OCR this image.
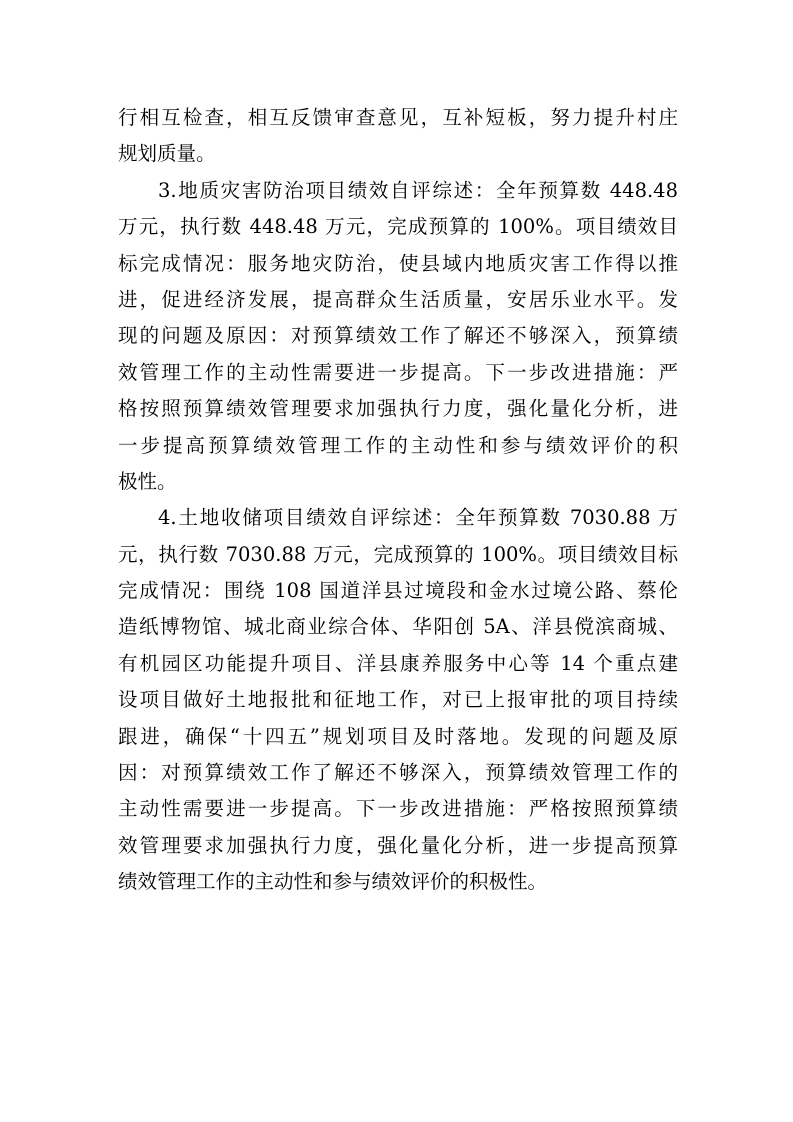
行相互检查，相互反馈审查意见，互补短板，努力提升村庄
规划质量。
3.地质灾害防治项目绩效自评综述：全年预算数 448.48
万元，执行数 448.48 万元，完成预算的 100%。项目绩效目
标完成情况：服务地灾防治，使县域内地质灾害工作得以推
进，促进经济发展，提高群众生活质量，安居乐业水平。发
现的问题及原因：对预算绩效工作了解还不够深入，预算绩
效管理工作的主动性需要进一步提高。下一步改进措施：严
格按照预算绩效管理要求加强执行力度，强化量化分析，进
一步提高预算绩效管理工作的主动性和参与绩效评价的积
极性。
4.土地收储项目绩效自评综述：全年预算数 7030.88 万
元，执行数 7030.88 万元，完成预算的 100%。项目绩效目标
完成情况：围绕 108 国道洋县过境段和金水过境公路、蔡伦
造纸博物馆、城北商业综合体、华阳创 5A、洋县傥滨商城、
有机园区功能提升项目、洋县康养服务中心等 14 个重点建
设项目做好土地报批和征地工作，对已上报审批的项目持续
跟进，确保“十四五”规划项目及时落地。发现的问题及原
因：对预算绩效工作了解还不够深入，预算绩效管理工作的
主动性需要进一步提高。下一步改进措施：严格按照预算绩
效管理要求加强执行力度，强化量化分析，进一步提高预算
绩效管理工作的主动性和参与绩效评价的积极性。
